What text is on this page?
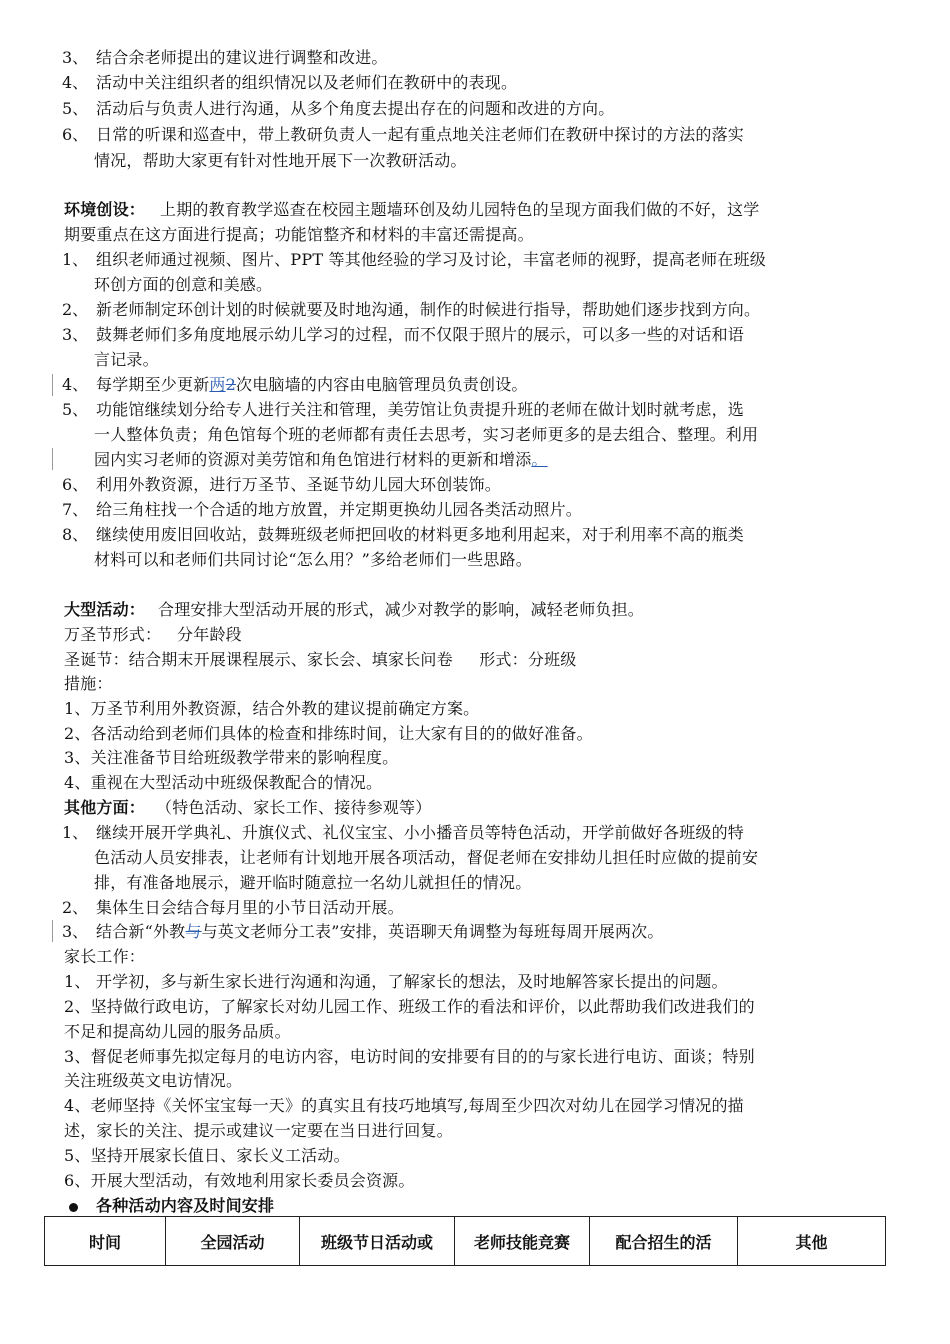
3、 结合余老师提出的建议进行调整和改进。
4、 活动中关注组织者的组织情况以及老师们在教研中的表现。
5、 活动后与负责人进行沟通，从多个角度去提出存在的问题和改进的方向。
6、 日常的听课和巡查中，带上教研负责人一起有重点地关注老师们在教研中探讨的方法的落实
情况，帮助大家更有针对性地开展下一次教研活动。
环境创设： 上期的教育教学巡查在校园主题墙环创及幼儿园特色的呈现方面我们做的不好，这学
期要重点在这方面进行提高；功能馆整齐和材料的丰富还需提高。
1、 组织老师通过视频、图片、PPT 等其他经验的学习及讨论，丰富老师的视野，提高老师在班级
环创方面的创意和美感。
2、 新老师制定环创计划的时候就要及时地沟通，制作的时候进行指导，帮助她们逐步找到方向。
3、 鼓舞老师们多角度地展示幼儿学习的过程，而不仅限于照片的展示，可以多一些的对话和语
言记录。
4、 每学期至少更新两2次电脑墙的内容由电脑管理员负责创设。
5、 功能馆继续划分给专人进行关注和管理，美劳馆让负责提升班的老师在做计划时就考虑，选
一人整体负责；角色馆每个班的老师都有责任去思考，实习老师更多的是去组合、整理。利用
园内实习老师的资源对美劳馆和角色馆进行材料的更新和增添。
6、 利用外教资源，进行万圣节、圣诞节幼儿园大环创装饰。
7、 给三角柱找一个合适的地方放置，并定期更换幼儿园各类活动照片。
8、 继续使用废旧回收站，鼓舞班级老师把回收的材料更多地利用起来，对于利用率不高的瓶类
材料可以和老师们共同讨论“怎么用？”多给老师们一些思路。
大型活动： 合理安排大型活动开展的形式，减少对教学的影响，减轻老师负担。
万圣节形式：   分年龄段
圣诞节：结合期末开展课程展示、家长会、填家长问卷     形式：分班级
措施：
1、万圣节利用外教资源，结合外教的建议提前确定方案。
2、各活动给到老师们具体的检查和排练时间，让大家有目的的做好准备。
3、关注准备节目给班级教学带来的影响程度。
4、重视在大型活动中班级保教配合的情况。
其他方面： （特色活动、家长工作、接待参观等）
1、 继续开展开学典礼、升旗仪式、礼仪宝宝、小小播音员等特色活动，开学前做好各班级的特
色活动人员安排表，让老师有计划地开展各项活动，督促老师在安排幼儿担任时应做的提前安
排，有准备地展示，避开临时随意拉一名幼儿就担任的情况。
2、 集体生日会结合每月里的小节日活动开展。
3、 结合新“外教与与英文老师分工表”安排，英语聊天角调整为每班每周开展两次。
家长工作：
1、 开学初，多与新生家长进行沟通和沟通，了解家长的想法，及时地解答家长提出的问题。
2、坚持做行政电访，了解家长对幼儿园工作、班级工作的看法和评价，以此帮助我们改进我们的
不足和提高幼儿园的服务品质。
3、督促老师事先拟定每月的电访内容，电访时间的安排要有目的的与家长进行电访、面谈；特别
关注班级英文电访情况。
4、老师坚持《关怀宝宝每一天》的真实且有技巧地填写,每周至少四次对幼儿在园学习情况的描
述，家长的关注、提示或建议一定要在当日进行回复。
5、坚持开展家长值日、家长义工活动。
6、开展大型活动，有效地利用家长委员会资源。
各种活动内容及时间安排
时间	全园活动	班级节日活动或	老师技能竞赛	配合招生的活	其他
